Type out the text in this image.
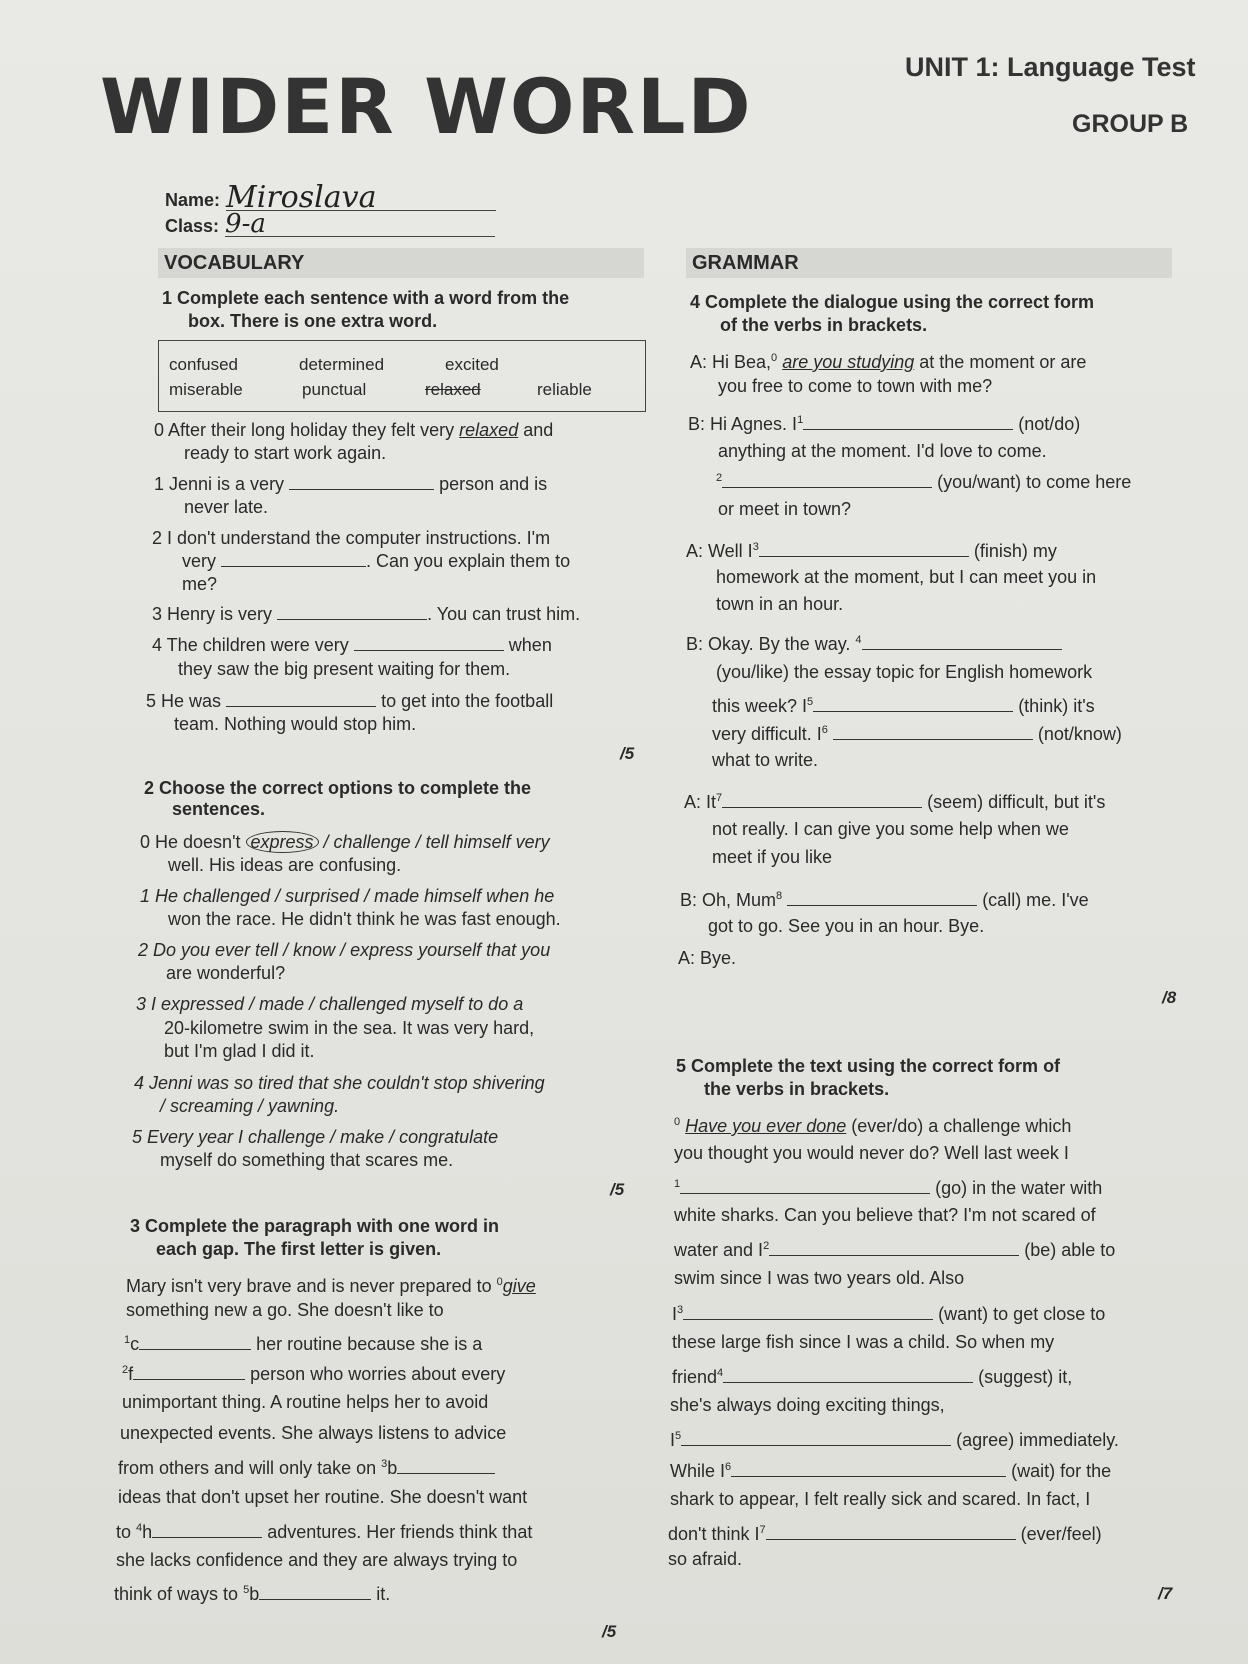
WIDER WORLD	UNIT 1: Language Test
GROUP B
Name: Miroslava
Class: 9-a
VOCABULARY	GRAMMAR
1 Complete each sentence with a word from the
box. There is one extra word.
confused	determined	excited
miserable	punctual	relaxed	reliable
0 After their long holiday they felt very relaxed and
ready to start work again.
1 Jenni is a very	person and is
never late.
2 I don't understand the computer instructions. I'm
very	. Can you explain them to
me?
3 Henry is very	. You can trust him.
4 The children were very	when
they saw the big present waiting for them.
5 He was	to get into the football
team. Nothing would stop him.
/5
2 Choose the correct options to complete the
sentences.
0 He doesn't express / challenge / tell himself very
well. His ideas are confusing.
1 He challenged / surprised / made himself when he
won the race. He didn't think he was fast enough.
2 Do you ever tell / know / express yourself that you
are wonderful?
3 I expressed / made / challenged myself to do a
20-kilometre swim in the sea. It was very hard,
but I'm glad I did it.
4 Jenni was so tired that she couldn't stop shivering
/ screaming / yawning.
5 Every year I challenge / make / congratulate
myself do something that scares me.
/5
3 Complete the paragraph with one word in
each gap. The first letter is given.
Mary isn't very brave and is never prepared to $^0$give
something new a go. She doesn't like to
$^1$c	her routine because she is a
$^2$f	person who worries about every
unimportant thing. A routine helps her to avoid
unexpected events. She always listens to advice
from others and will only take on $^3$b
ideas that don't upset her routine. She doesn't want
to $^4$h	adventures. Her friends think that
she lacks confidence and they are always trying to
think of ways to $^5$b	it.
/5
4 Complete the dialogue using the correct form
of the verbs in brackets.
A: Hi Bea,$^0$ are you studying at the moment or are
you free to come to town with me?
B: Hi Agnes. $I^1$	(not/do)
anything at the moment. I'd love to come.
$^2$	(you/want) to come here
or meet in town?
A: Well $I^3$	(finish) my
homework at the moment, but I can meet you in
town in an hour.
B: Okay. By the way. $^4$
(you/like) the essay topic for English homework
this week? $I^5$	(think) it's
very difficult. $I^6$	(not/know)
what to write.
A: It$^7$	(seem) difficult, but it's
not really. I can give you some help when we
meet if you like
B: Oh, Mum$^8$	(call) me. I've
got to go. See you in an hour. Bye.
A: Bye.
/8
5 Complete the text using the correct form of
the verbs in brackets.
$^0$ Have you ever done (ever/do) a challenge which
you thought you would never do? Well last week I
$^1$	(go) in the water with
white sharks. Can you believe that? I'm not scared of
water and $I^2$	(be) able to
swim since I was two years old. Also
$I^3$	(want) to get close to
these large fish since I was a child. So when my
friend$^4$	(suggest) it,
she's always doing exciting things,
$I^5$	(agree) immediately.
While $I^6$	(wait) for the
shark to appear, I felt really sick and scared. In fact, I
don't think $I^7$	(ever/feel)
so afraid.
/7
